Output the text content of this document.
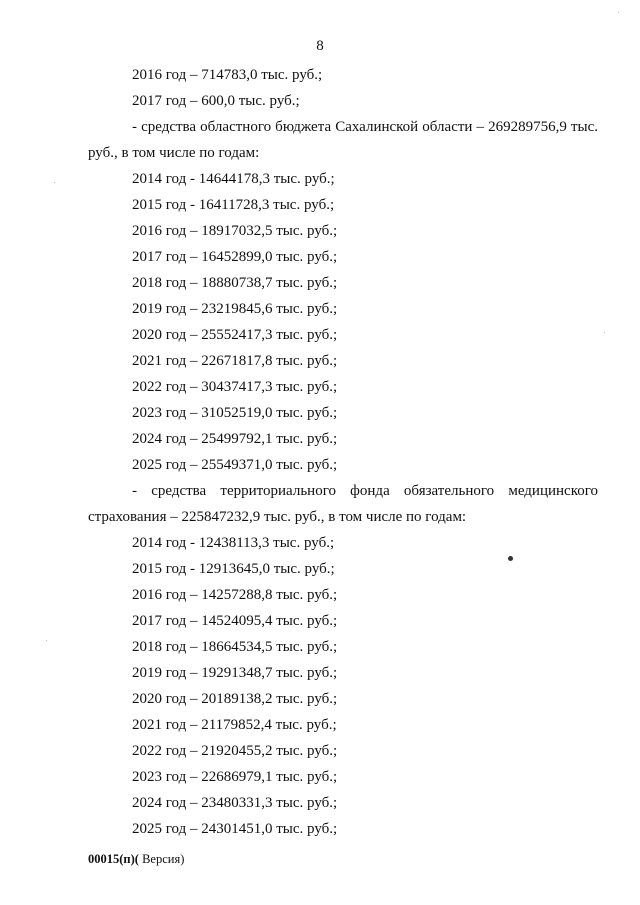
8

2016 год – 714783,0 тыс. руб.;

2017 год – 600,0 тыс. руб.;

- средства областного бюджета Сахалинской области – 269289756,9 тыс. руб., в том числе по годам:

2014 год - 14644178,3 тыс. руб.;

2015 год - 16411728,3 тыс. руб.;

2016 год – 18917032,5 тыс. руб.;

2017 год – 16452899,0 тыс. руб.;

2018 год – 18880738,7 тыс. руб.;

2019 год – 23219845,6 тыс. руб.;

2020 год – 25552417,3 тыс. руб.;

2021 год – 22671817,8 тыс. руб.;

2022 год – 30437417,3 тыс. руб.;

2023 год – 31052519,0 тыс. руб.;

2024 год – 25499792,1 тыс. руб.;

2025 год – 25549371,0 тыс. руб.;

- средства территориального фонда обязательного медицинского страхования – 225847232,9 тыс. руб., в том числе по годам:

2014 год - 12438113,3 тыс. руб.;

2015 год - 12913645,0 тыс. руб.;

2016 год – 14257288,8 тыс. руб.;

2017 год – 14524095,4 тыс. руб.;

2018 год – 18664534,5 тыс. руб.;

2019 год – 19291348,7 тыс. руб.;

2020 год – 20189138,2 тыс. руб.;

2021 год – 21179852,4 тыс. руб.;

2022 год – 21920455,2 тыс. руб.;

2023 год – 22686979,1 тыс. руб.;

2024 год – 23480331,3 тыс. руб.;

2025 год – 24301451,0 тыс. руб.;

00015(п)( Версия)
